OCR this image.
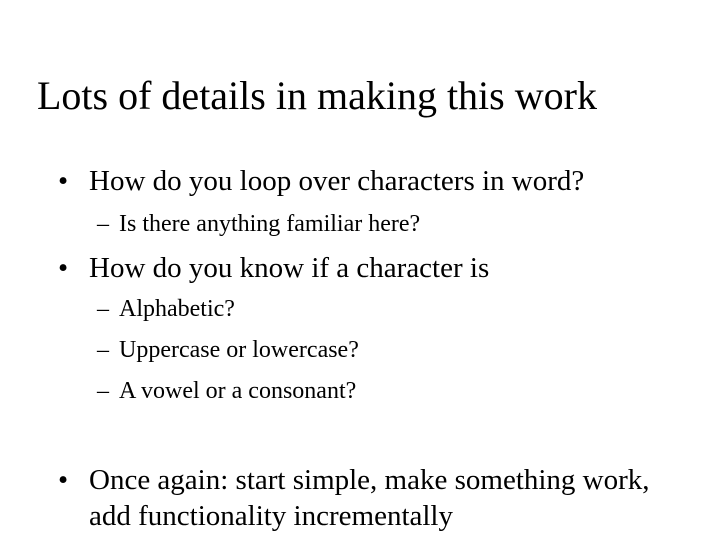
Lots of details in making this work
• How do you loop over characters in word?
– Is there anything familiar here?
• How do you know if a character is
– Alphabetic?
– Uppercase or lowercase?
– A vowel or a consonant?
• Once again: start simple, make something work, add functionality incrementally
